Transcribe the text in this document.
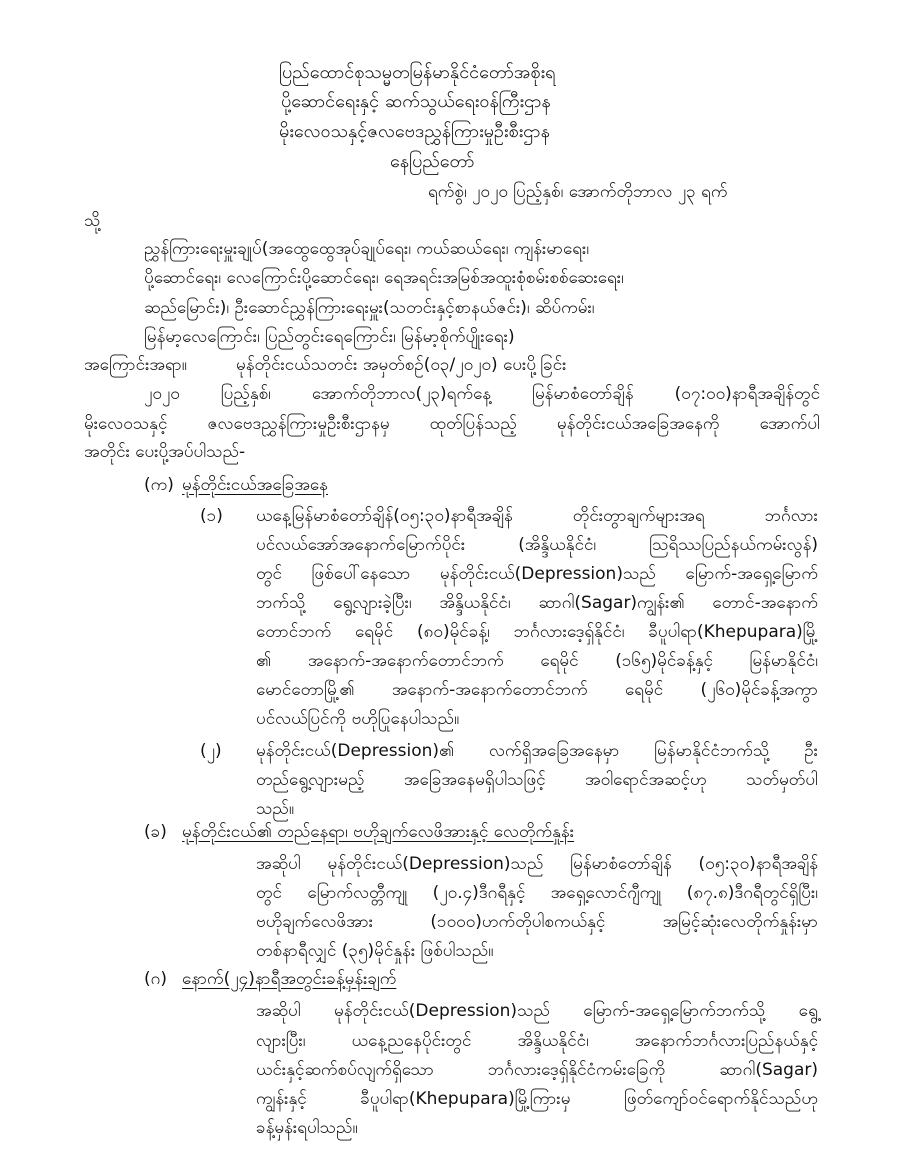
ပြည်ထောင်စုသမ္မတမြန်မာနိုင်ငံတော်အစိုးရ
ပို့ဆောင်ရေးနှင့် ဆက်သွယ်ရေးဝန်ကြီးဌာန
မိုးလေဝသနှင့်ဇလဗေဒညွှန်ကြားမှုဦးစီးဌာန
နေပြည်တော်
ရက်စွဲ၊ ၂၀၂၀ ပြည့်နှစ်၊ အောက်တိုဘာလ ၂၃ ရက်
သို့
ညွှန်ကြားရေးမှူးချုပ်(အထွေထွေအုပ်ချုပ်ရေး၊ ကယ်ဆယ်ရေး၊ ကျန်းမာရေး၊
ပို့ဆောင်ရေး၊ လေကြောင်းပို့ဆောင်ရေး၊ ရေအရင်းအမြစ်အထူးစုံစမ်းစစ်ဆေးရေး၊
ဆည်မြောင်း)၊ ဦးဆောင်ညွှန်ကြားရေးမှူး(သတင်းနှင့်စာနယ်ဇင်း)၊ ဆိပ်ကမ်း၊
မြန်မာ့လေကြောင်း၊ ပြည်တွင်းရေကြောင်း၊ မြန်မာ့စိုက်ပျိုးရေး)
အကြောင်းအရာ။	မုန်တိုင်းငယ်သတင်း အမှတ်စဉ်(၀၃/၂၀၂၀) ပေးပို့ခြင်း
၂၀၂၀ ပြည့်နှစ်၊ အောက်တိုဘာလ(၂၃)ရက်နေ့ မြန်မာစံတော်ချိန် (၀၇:၀၀)နာရီအချိန်တွင်
မိုးလေဝသနှင့် ဇလဗေဒညွှန်ကြားမှုဦးစီးဌာနမှ ထုတ်ပြန်သည့် မုန်တိုင်းငယ်အခြေအနေကို အောက်ပါ
အတိုင်း ပေးပို့အပ်ပါသည်-
(က) မုန်တိုင်းငယ်အခြေအနေ
(၁) ယနေ့မြန်မာစံတော်ချိန်(၀၅:၃၀)နာရီအချိန် တိုင်းတွာချက်များအရ ဘင်္ဂလား
ပင်လယ်အော်အနောက်မြောက်ပိုင်း (အိန္ဒိယနိုင်ငံ၊ ဩရိဿပြည်နယ်ကမ်းလွန်)
တွင် ဖြစ်ပေါ်နေသော မုန်တိုင်းငယ်(Depression)သည် မြောက်-အရှေ့မြောက်
ဘက်သို့ ရွေ့လျားခဲ့ပြီး၊ အိန္ဒိယနိုင်ငံ၊ ဆာဂါ(Sagar)ကျွန်း၏ တောင်-အနောက်
တောင်ဘက် ရေမိုင် (၈၀)မိုင်ခန့်၊ ဘင်္ဂလားဒေ့ရှ်နိုင်ငံ၊ ခီပူပါရာ(Khepupara)မြို့
၏ အနောက်-အနောက်တောင်ဘက် ရေမိုင် (၁၆၅)မိုင်ခန့်နှင့် မြန်မာနိုင်ငံ၊
မောင်တောမြို့၏ အနောက်-အနောက်တောင်ဘက် ရေမိုင် (၂၆၀)မိုင်ခန့်အကွာ
ပင်လယ်ပြင်ကို ဗဟိုပြုနေပါသည်။
(၂) မုန်တိုင်းငယ်(Depression)၏ လက်ရှိအခြေအနေမှာ မြန်မာနိုင်ငံဘက်သို့ ဦး
တည်ရွေ့လျားမည့် အခြေအနေမရှိပါသဖြင့် အဝါရောင်အဆင့်ဟု သတ်မှတ်ပါ
သည်။
(ခ) မုန်တိုင်းငယ်၏ တည်နေရာ၊ ဗဟိုချက်လေဖိအားနှင့် လေတိုက်နှုန်း
အဆိုပါ မုန်တိုင်းငယ်(Depression)သည် မြန်မာစံတော်ချိန် (၀၅:၃၀)နာရီအချိန်
တွင် မြောက်လတ္တီကျု (၂၀.၄)ဒီဂရီနှင့် အရှေ့လောင်ဂျီကျု (၈၇.၈)ဒီဂရီတွင်ရှိပြီး၊
ဗဟိုချက်လေဖိအား (၁၀၀၀)ဟက်တိုပါစကယ်နှင့် အမြင့်ဆုံးလေတိုက်နှုန်းမှာ
တစ်နာရီလျှင် (၃၅)မိုင်နှုန်း ဖြစ်ပါသည်။
(ဂ) နောက်(၂၄)နာရီအတွင်းခန့်မှန်းချက်
အဆိုပါ မုန်တိုင်းငယ်(Depression)သည် မြောက်-အရှေ့မြောက်ဘက်သို့ ရွေ့
လျားပြီး၊ ယနေ့ညနေပိုင်းတွင် အိန္ဒိယနိုင်ငံ၊ အနောက်ဘင်္ဂလားပြည်နယ်နှင့်
ယင်းနှင့်ဆက်စပ်လျက်ရှိသော ဘင်္ဂလားဒေ့ရှ်နိုင်ငံကမ်းခြေကို ဆာဂါ(Sagar)
ကျွန်းနှင့် ခီပူပါရာ(Khepupara)မြို့ကြားမှ ဖြတ်ကျော်ဝင်ရောက်နိုင်သည်ဟု
ခန့်မှန်းရပါသည်။
